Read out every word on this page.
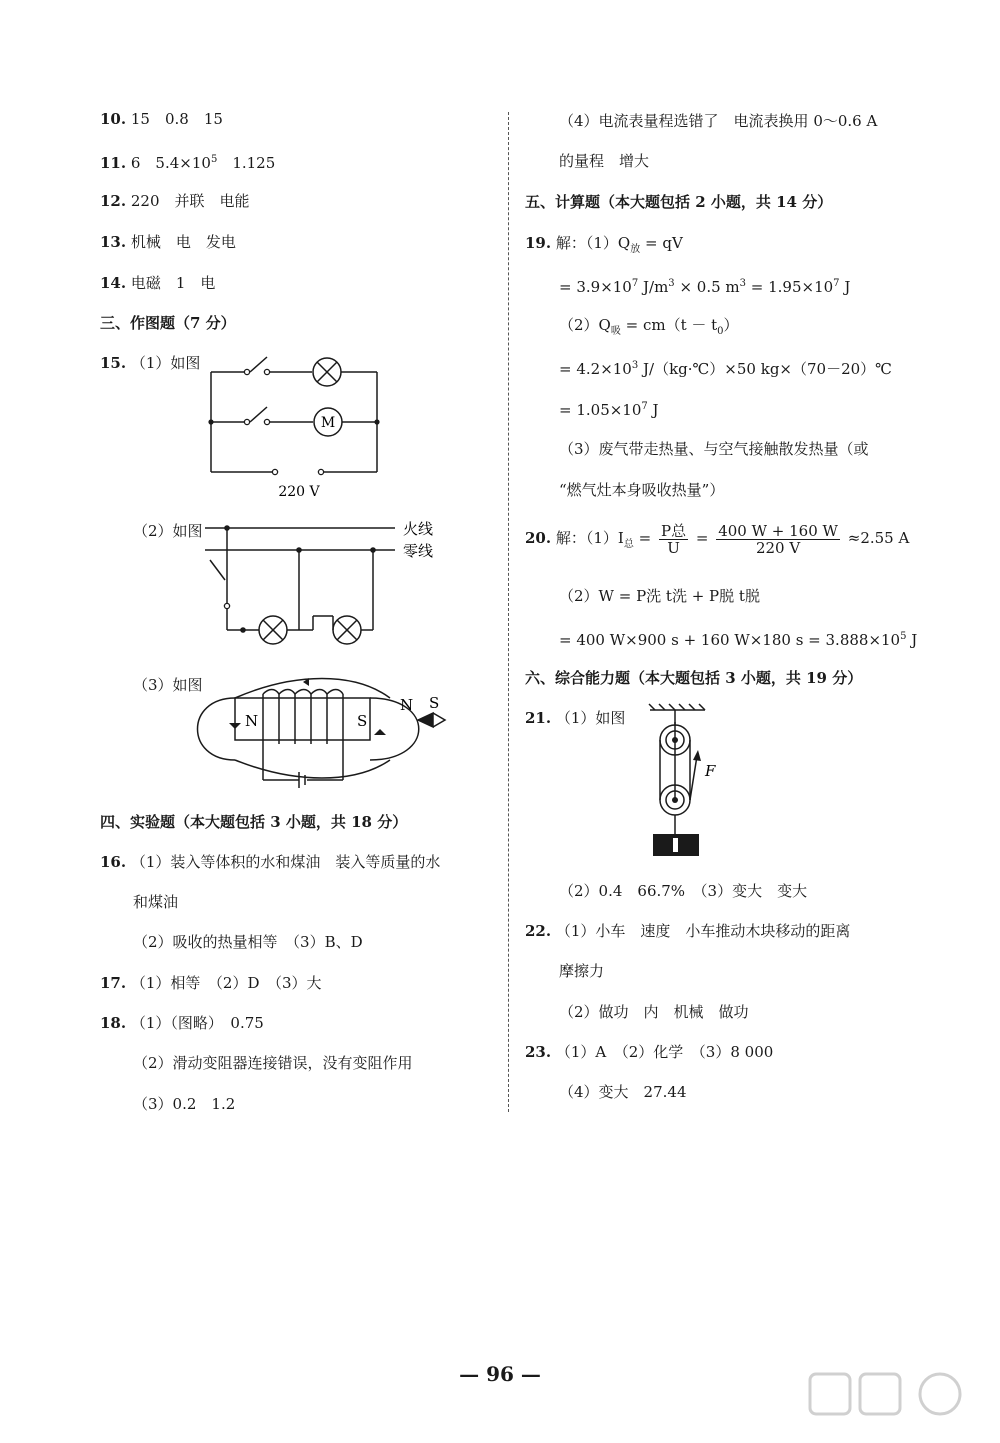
10. 15　0.8　15
11. 6　$5.4\times 10^5$　1.125
12. 220　并联　电能
13. 机械　电　发电
14. 电磁　1　电
三、作图题（7 分）
15. （1）如图
M
220 V
（2）如图	火线
零线
（3）如图
N	S
N S
四、实验题（本大题包括 3 小题，共 18 分）
16. （1）装入等体积的水和煤油　装入等质量的水
和煤油
（2）吸收的热量相等　（3）B、D
17. （1）相等　（2）D　（3）大
18. （1）（图略）　0.75
（2）滑动变阻器连接错误，没有变阻作用
（3）0.2　1.2
（4）电流表量程选错了　电流表换用 0～0.6 A
的量程　增大
五、计算题（本大题包括 2 小题，共 14 分）
19. 解：$(1)Q_放$ = qV
= $3.9\times 10^7$ $J/m^3 \times 0.5$ $m^3 = 1.95\times 10^7$ J
$(2)Q_吸 = cm(t - t_0)$
= $4.2\times 10^3$ J/（kg·℃）×50 kg×（70－20）℃
= $1.05\times 10^7$ J
（3）废气带走热量、与空气接触散发热量（或
“燃气灶本身吸收热量”）
20. 解：$(1)I_总 = \frac{\text{P总}}{U} = \frac{400 W + 160 W}{220 V} \approx 2.55$ A
（2）W = P洗 t洗 + P脱 t脱
= 400 W×900 s + 160 W×180 $s = 3.888\times 10^5$ J
六、综合能力题（本大题包括 3 小题，共 19 分）
21. （1）如图
F
（2）0.4　66.7%　（3）变大　变大
22. （1）小车　速度　小车推动木块移动的距离
摩擦力
（2）做功　内　机械　做功
23. （1）A　（2）化学　（3）8 000
（4）变大　27.44
— 96 —
